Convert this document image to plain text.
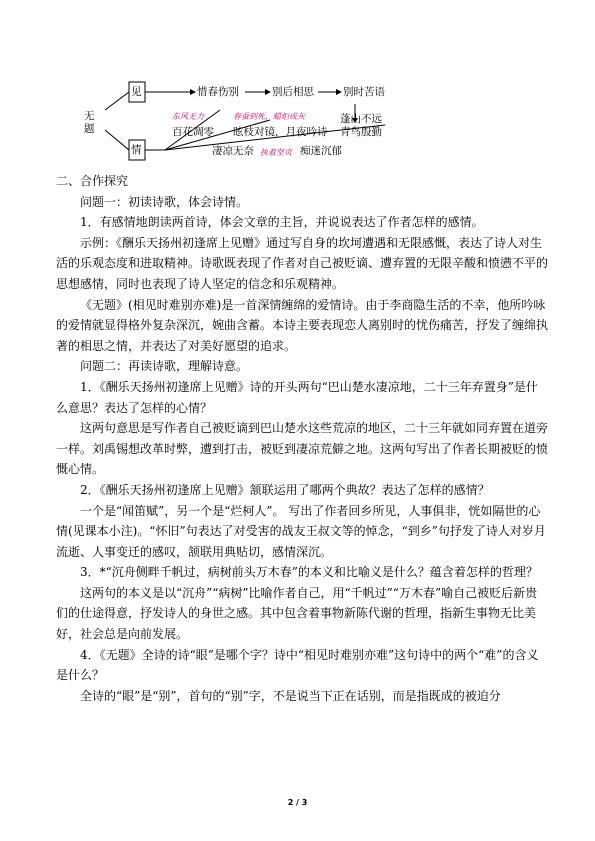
无题
见
情
惜春伤别	别后相思	别时苦语
蓬山不远
东风无力	春蚕到死，蜡炬成灰
百花凋零 眩枝对镜，月夜吟诗 青鸟殷勤
凄凉无奈 执着坚贞 痴迷沉郁

二、合作探究

问题一：初读诗歌，体会诗情。

1．有感情地朗读两首诗，体会文章的主旨，并说说表达了作者怎样的感情。

示例：《酬乐天扬州初逢席上见赠》通过写自身的坎坷遭遇和无限感慨，表达了诗人对生活的乐观态度和进取精神。诗歌既表现了作者对自己被贬谪、遭弃置的无限辛酸和愤懑不平的思想感情，同时也表现了诗人坚定的信念和乐观精神。

《无题》(相见时难别亦难)是一首深情缠绵的爱情诗。由于李商隐生活的不幸，他所吟咏的爱情就显得格外复杂深沉，婉曲含蓄。本诗主要表现恋人离别时的忧伤痛苦，抒发了缠绵执著的相思之情，并表达了对美好愿望的追求。

问题二：再读诗歌，理解诗意。

1．《酬乐天扬州初逢席上见赠》诗的开头两句“巴山楚水凄凉地，二十三年弃置身”是什么意思？表达了怎样的心情？

这两句意思是写作者自己被贬谪到巴山楚水这些荒凉的地区，二十三年就如同弃置在道旁一样。刘禹锡想改革时弊，遭到打击，被贬到凄凉荒僻之地。这两句写出了作者长期被贬的愤慨心情。

2．《酬乐天扬州初逢席上见赠》颔联运用了哪两个典故？表达了怎样的感情？

一个是“闻笛赋”，另一个是“烂柯人”。 写出了作者回乡所见，人事俱非，恍如隔世的心情(见课本小注)。“怀旧”句表达了对受害的战友王叔文等的悼念，“到乡”句抒发了诗人对岁月流逝、人事变迁的感叹，颔联用典贴切，感情深沉。

3．*“沉舟侧畔千帆过，病树前头万木春”的本义和比喻义是什么？蕴含着怎样的哲理？

这两句的本义是以“沉舟”“病树”比喻作者自己，用“千帆过”“万木春”喻自己被贬后新贵们的仕途得意，抒发诗人的身世之感。其中包含着事物新陈代谢的哲理，指新生事物无比美好，社会总是向前发展。

4．《无题》全诗的诗“眼”是哪个字？诗中“相见时难别亦难”这句诗中的两个“难”的含义是什么？

全诗的“眼”是“别”，首句的“别”字，不是说当下正在话别，而是指既成的被迫分

2 / 3
